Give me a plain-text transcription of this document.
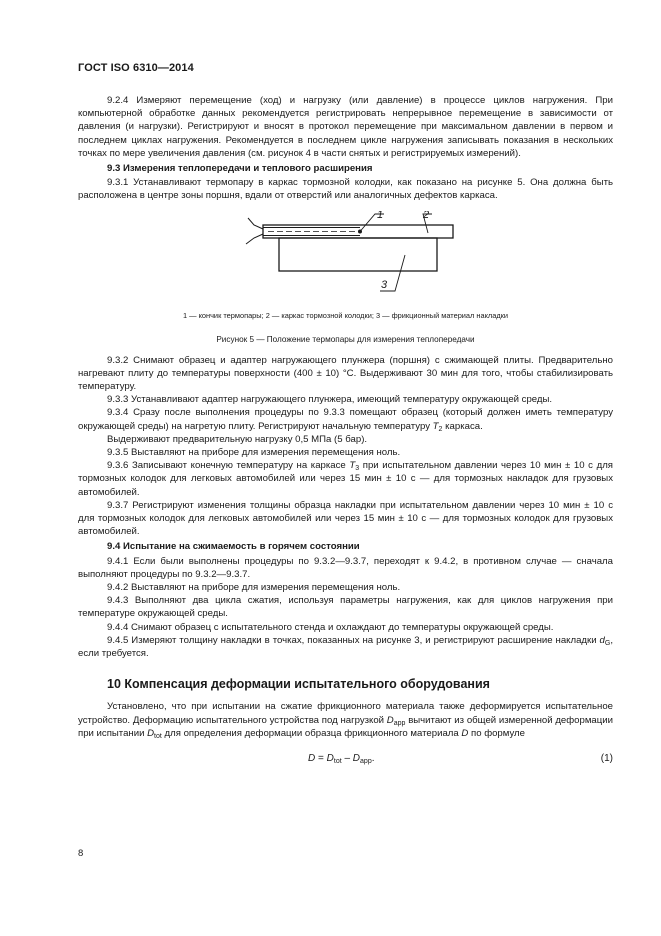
ГОСТ ISO 6310—2014

9.2.4 Измеряют перемещение (ход) и нагрузку (или давление) в процессе циклов нагружения. При компьютерной обработке данных рекомендуется регистрировать непрерывное перемещение в зависимости от давления (и нагрузки). Регистрируют и вносят в протокол перемещение при максимальном давлении в первом и последнем циклах нагружения. Рекомендуется в последнем цикле нагружения записывать показания в нескольких точках по мере увеличения давления (см. рисунок 4 в части снятых и регистрируемых измерений).

9.3 Измерения теплопередачи и теплового расширения

9.3.1 Устанавливают термопару в каркас тормозной колодки, как показано на рисунке 5. Она должна быть расположена в центре зоны поршня, вдали от отверстий или аналогичных дефектов каркаса.

1	2
3
1 — кончик термопары; 2 — каркас тормозной колодки; 3 — фрикционный материал накладки
Рисунок 5 — Положение термопары для измерения теплопередачи

9.3.2 Снимают образец и адаптер нагружающего плунжера (поршня) с сжимающей плиты. Предварительно нагревают плиту до температуры поверхности (400 ± 10) °С. Выдерживают 30 мин для того, чтобы стабилизировать температуру.

9.3.3 Устанавливают адаптер нагружающего плунжера, имеющий температуру окружающей среды.

9.3.4 Сразу после выполнения процедуры по 9.3.3 помещают образец (который должен иметь температуру окружающей среды) на нагретую плиту. Регистрируют начальную температуру $T_2$ каркаса.

Выдерживают предварительную нагрузку 0,5 МПа (5 бар).

9.3.5 Выставляют на приборе для измерения перемещения ноль.

9.3.6 Записывают конечную температуру на каркасе $T_3$ при испытательном давлении через 10 мин ± 10 с для тормозных колодок для легковых автомобилей или через 15 мин ± 10 с — для тормозных накладок для грузовых автомобилей.

9.3.7 Регистрируют изменения толщины образца накладки при испытательном давлении через 10 мин ± 10 с для тормозных колодок для легковых автомобилей или через 15 мин ± 10 с — для тормозных колодок для грузовых автомобилей.

9.4 Испытание на сжимаемость в горячем состоянии

9.4.1 Если были выполнены процедуры по 9.3.2—9.3.7, переходят к 9.4.2, в противном случае — сначала выполняют процедуры по 9.3.2—9.3.7.

9.4.2 Выставляют на приборе для измерения перемещения ноль.

9.4.3 Выполняют два цикла сжатия, используя параметры нагружения, как для циклов нагружения при температуре окружающей среды.

9.4.4 Снимают образец с испытательного стенда и охлаждают до температуры окружающей среды.

9.4.5 Измеряют толщину накладки в точках, показанных на рисунке 3, и регистрируют расширение накладки $d_G$, если требуется.

10 Компенсация деформации испытательного оборудования

Установлено, что при испытании на сжатие фрикционного материала также деформируется испытательное устройство. Деформацию испытательного устройства под нагрузкой $D_{app}$ вычитают из общей измеренной деформации при испытании $D_{tot}$ для определения деформации образца фрикционного материала D по формуле

$D = D_{tot} - D_{app}$.	(1)
8
